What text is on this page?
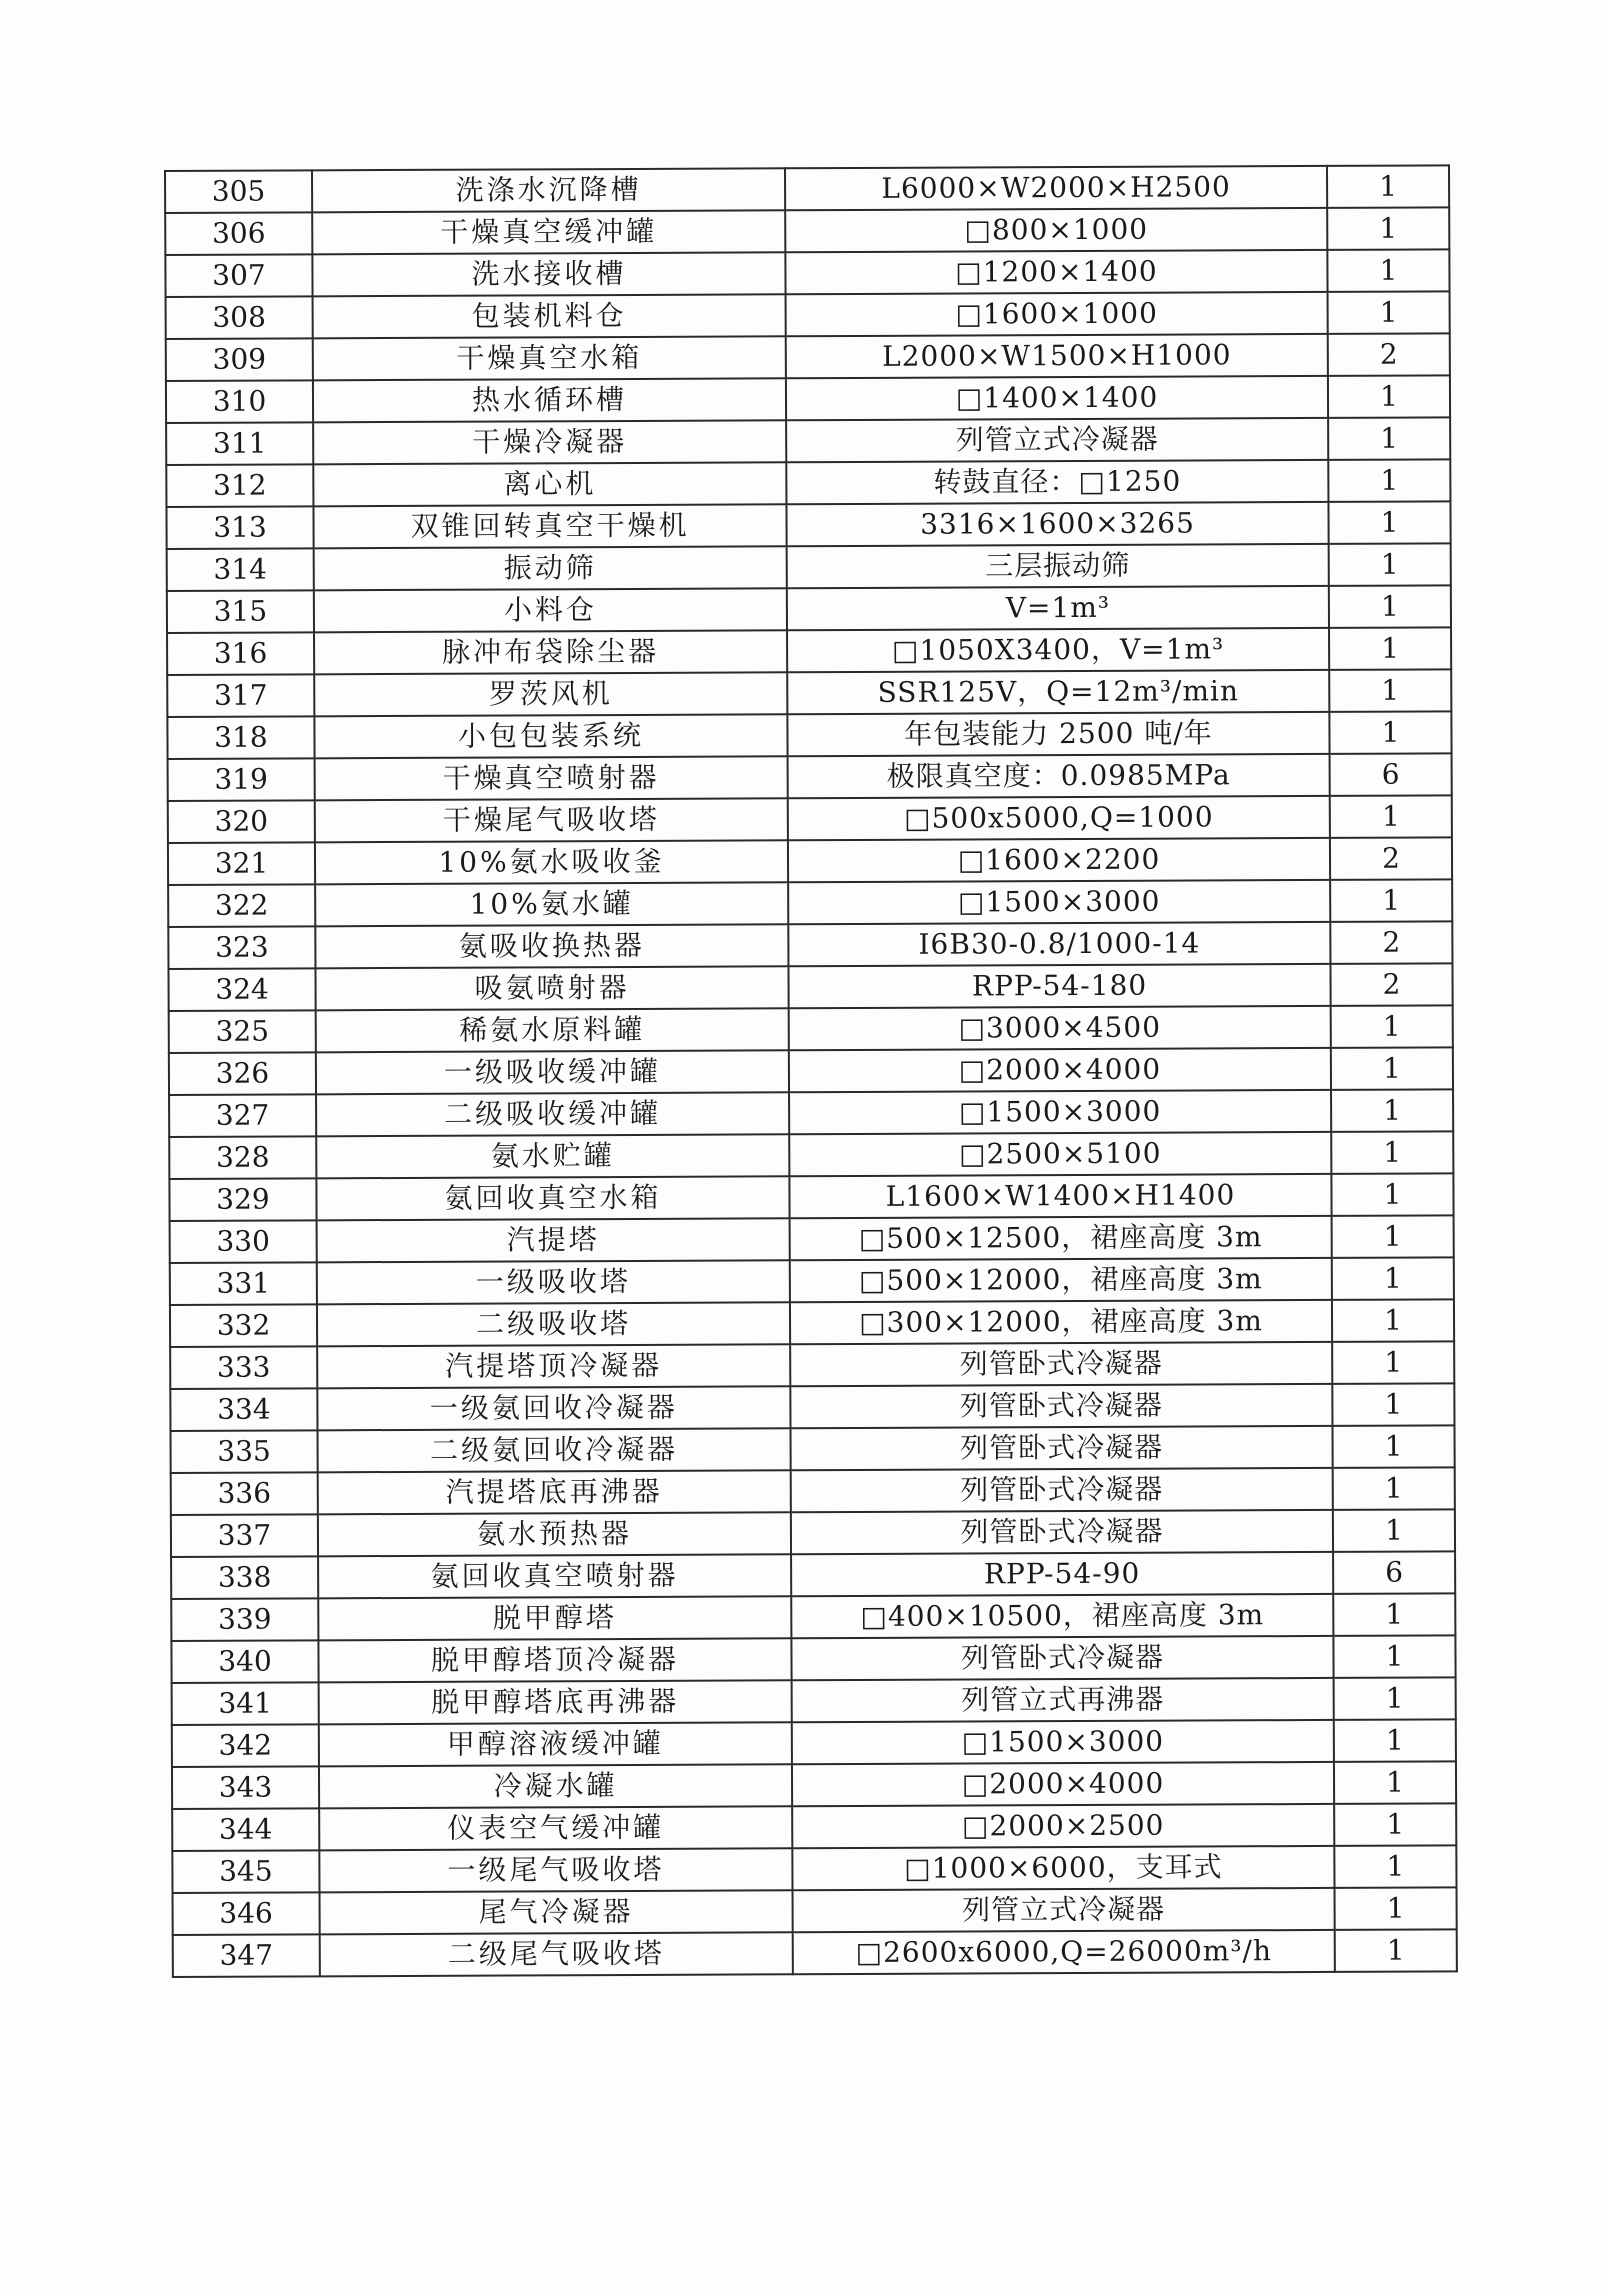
305	洗涤水沉降槽	L6000×W2000×H2500	1
306	干燥真空缓冲罐	□800×1000	1
307	洗水接收槽	□1200×1400	1
308	包装机料仓	□1600×1000	1
309	干燥真空水箱	L2000×W1500×H1000	2
310	热水循环槽	□1400×1400	1
311	干燥冷凝器	列管立式冷凝器	1
312	离心机	转鼓直径：□1250	1
313	双锥回转真空干燥机	3316×1600×3265	1
314	振动筛	三层振动筛	1
315	小料仓	V=1m³	1
316	脉冲布袋除尘器	□1050X3400，V=1m³	1
317	罗茨风机	SSR125V，Q=12m³/min	1
318	小包包装系统	年包装能力 2500 吨/年	1
319	干燥真空喷射器	极限真空度：0.0985MPa	6
320	干燥尾气吸收塔	□500x5000,Q=1000	1
321	10%氨水吸收釜	□1600×2200	2
322	10%氨水罐	□1500×3000	1
323	氨吸收换热器	I6B30-0.8/1000-14	2
324	吸氨喷射器	RPP-54-180	2
325	稀氨水原料罐	□3000×4500	1
326	一级吸收缓冲罐	□2000×4000	1
327	二级吸收缓冲罐	□1500×3000	1
328	氨水贮罐	□2500×5100	1
329	氨回收真空水箱	L1600×W1400×H1400	1
330	汽提塔	□500×12500，裙座高度 3m	1
331	一级吸收塔	□500×12000，裙座高度 3m	1
332	二级吸收塔	□300×12000，裙座高度 3m	1
333	汽提塔顶冷凝器	列管卧式冷凝器	1
334	一级氨回收冷凝器	列管卧式冷凝器	1
335	二级氨回收冷凝器	列管卧式冷凝器	1
336	汽提塔底再沸器	列管卧式冷凝器	1
337	氨水预热器	列管卧式冷凝器	1
338	氨回收真空喷射器	RPP-54-90	6
339	脱甲醇塔	□400×10500，裙座高度 3m	1
340	脱甲醇塔顶冷凝器	列管卧式冷凝器	1
341	脱甲醇塔底再沸器	列管立式再沸器	1
342	甲醇溶液缓冲罐	□1500×3000	1
343	冷凝水罐	□2000×4000	1
344	仪表空气缓冲罐	□2000×2500	1
345	一级尾气吸收塔	□1000×6000，支耳式	1
346	尾气冷凝器	列管立式冷凝器	1
347	二级尾气吸收塔	□2600x6000,Q=26000m³/h	1
